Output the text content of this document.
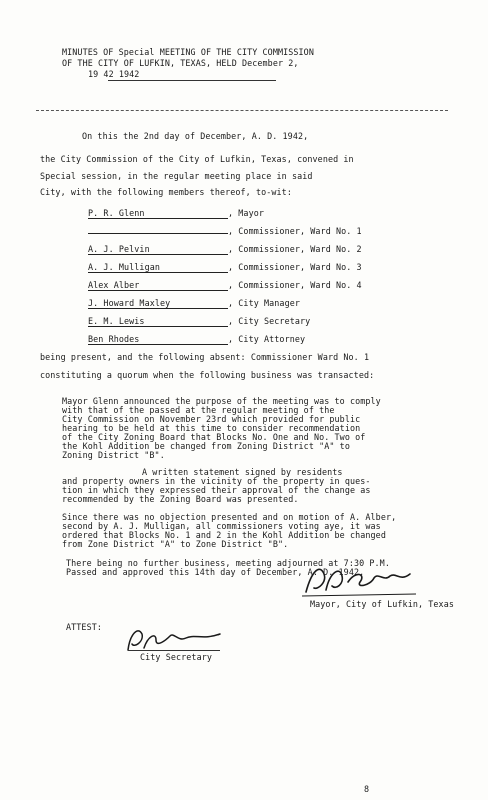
MINUTES OF Special MEETING OF THE CITY COMMISSION
OF THE CITY OF LUFKIN, TEXAS, HELD December 2,
19 42 1942
On this the 2nd day of December, A. D. 1942,
the City Commission of the City of Lufkin, Texas, convened in
Special session, in the regular meeting place in said
City, with the following members thereof, to-wit:
P. R. Glenn	, Mayor
, Commissioner, Ward No. 1
A. J. Pelvin	, Commissioner, Ward No. 2
A. J. Mulligan	, Commissioner, Ward No. 3
Alex Alber	, Commissioner, Ward No. 4
J. Howard Maxley	, City Manager
E. M. Lewis	, City Secretary
Ben Rhodes	, City Attorney
being present, and the following absent: Commissioner Ward No. 1
constituting a quorum when the following business was transacted:
Mayor Glenn announced the purpose of the meeting was to comply
with that of the passed at the regular meeting of the
City Commission on November 23rd which provided for public
hearing to be held at this time to consider recommendation
of the City Zoning Board that Blocks No. One and No. Two of
the Kohl Addition be changed from Zoning District "A" to
Zoning District "B".
A written statement signed by residents
and property owners in the vicinity of the property in ques-
tion in which they expressed their approval of the change as
recommended by the Zoning Board was presented.
Since there was no objection presented and on motion of A. Alber,
second by A. J. Mulligan, all commissioners voting aye, it was
ordered that Blocks No. 1 and 2 in the Kohl Addition be changed
from Zone District "A" to Zone District "B".
There being no further business, meeting adjourned at 7:30 P.M.
Passed and approved this 14th day of December, A. D. 1942.
Mayor, City of Lufkin, Texas
ATTEST:
City Secretary
8
